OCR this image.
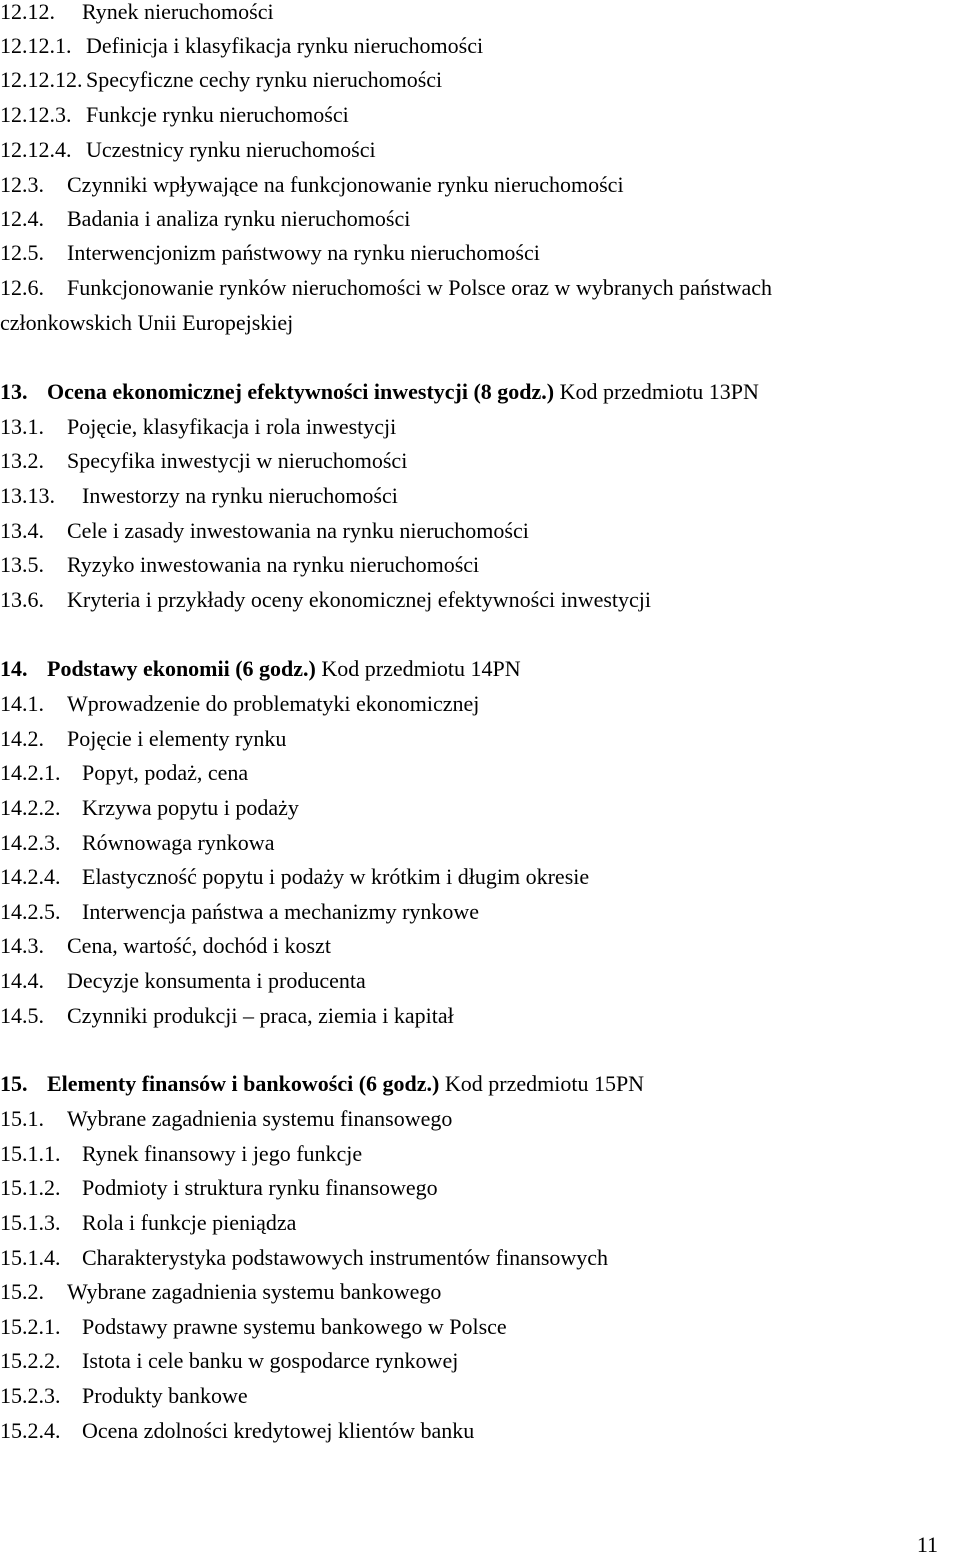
12.12. Rynek nieruchomości

12.12.1. Definicja i klasyfikacja rynku nieruchomości

12.12.12. Specyficzne cechy rynku nieruchomości

12.12.3. Funkcje rynku nieruchomości

12.12.4. Uczestnicy rynku nieruchomości

12.3. Czynniki wpływające na funkcjonowanie rynku nieruchomości

12.4. Badania i analiza rynku nieruchomości

12.5. Interwencjonizm państwowy na rynku nieruchomości

12.6. Funkcjonowanie rynków nieruchomości w Polsce oraz w wybranych państwach

członkowskich Unii Europejskiej

13. Ocena ekonomicznej efektywności inwestycji (8 godz.) Kod przedmiotu 13PN

13.1. Pojęcie, klasyfikacja i rola inwestycji

13.2. Specyfika inwestycji w nieruchomości

13.13. Inwestorzy na rynku nieruchomości

13.4. Cele i zasady inwestowania na rynku nieruchomości

13.5. Ryzyko inwestowania na rynku nieruchomości

13.6. Kryteria i przykłady oceny ekonomicznej efektywności inwestycji

14. Podstawy ekonomii (6 godz.) Kod przedmiotu 14PN

14.1. Wprowadzenie do problematyki ekonomicznej

14.2. Pojęcie i elementy rynku

14.2.1. Popyt, podaż, cena

14.2.2. Krzywa popytu i podaży

14.2.3. Równowaga rynkowa

14.2.4. Elastyczność popytu i podaży w krótkim i długim okresie

14.2.5. Interwencja państwa a mechanizmy rynkowe

14.3. Cena, wartość, dochód i koszt

14.4. Decyzje konsumenta i producenta

14.5. Czynniki produkcji – praca, ziemia i kapitał

15. Elementy finansów i bankowości (6 godz.) Kod przedmiotu 15PN

15.1. Wybrane zagadnienia systemu finansowego

15.1.1. Rynek finansowy i jego funkcje

15.1.2. Podmioty i struktura rynku finansowego

15.1.3. Rola i funkcje pieniądza

15.1.4. Charakterystyka podstawowych instrumentów finansowych

15.2. Wybrane zagadnienia systemu bankowego

15.2.1. Podstawy prawne systemu bankowego w Polsce

15.2.2. Istota i cele banku w gospodarce rynkowej

15.2.3. Produkty bankowe

15.2.4. Ocena zdolności kredytowej klientów banku

11
